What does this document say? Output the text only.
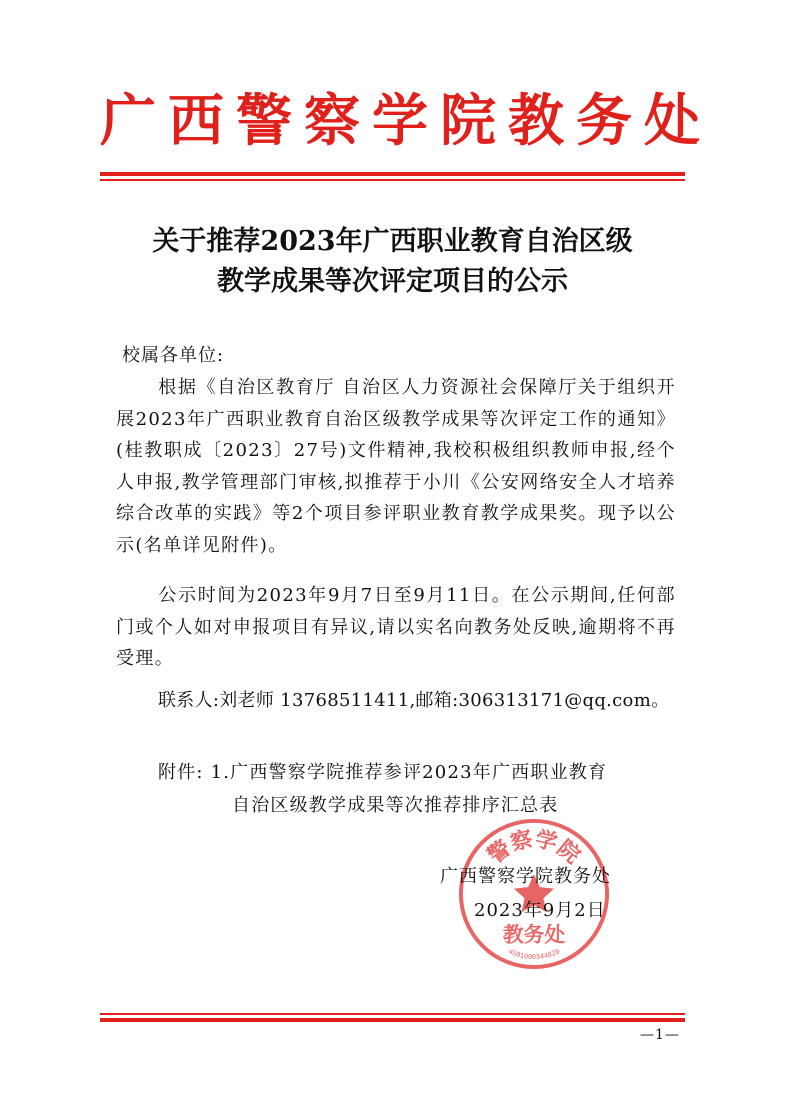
广西警察学院教务处
关于推荐2023年广西职业教育自治区级
教学成果等次评定项目的公示
校属各单位:
根据《自治区教育厅 自治区人力资源社会保障厅关于组织开展2023年广西职业教育自治区级教学成果等次评定工作的通知》(桂教职成〔2023〕27号)文件精神,我校积极组织教师申报,经个人申报,教学管理部门审核,拟推荐于小川《公安网络安全人才培养综合改革的实践》等2个项目参评职业教育教学成果奖。现予以公示(名单详见附件)。
公示时间为2023年9月7日至9月11日。在公示期间,任何部门或个人如对申报项目有异议,请以实名向教务处反映,逾期将不再受理。
联系人:刘老师 13768511411,邮箱:306313171@qq.com。
附件: 1.广西警察学院推荐参评2023年广西职业教育
自治区级教学成果等次推荐排序汇总表
警察学院
教务处
4501000344820
广西警察学院教务处
2023年9月2日
—1—
